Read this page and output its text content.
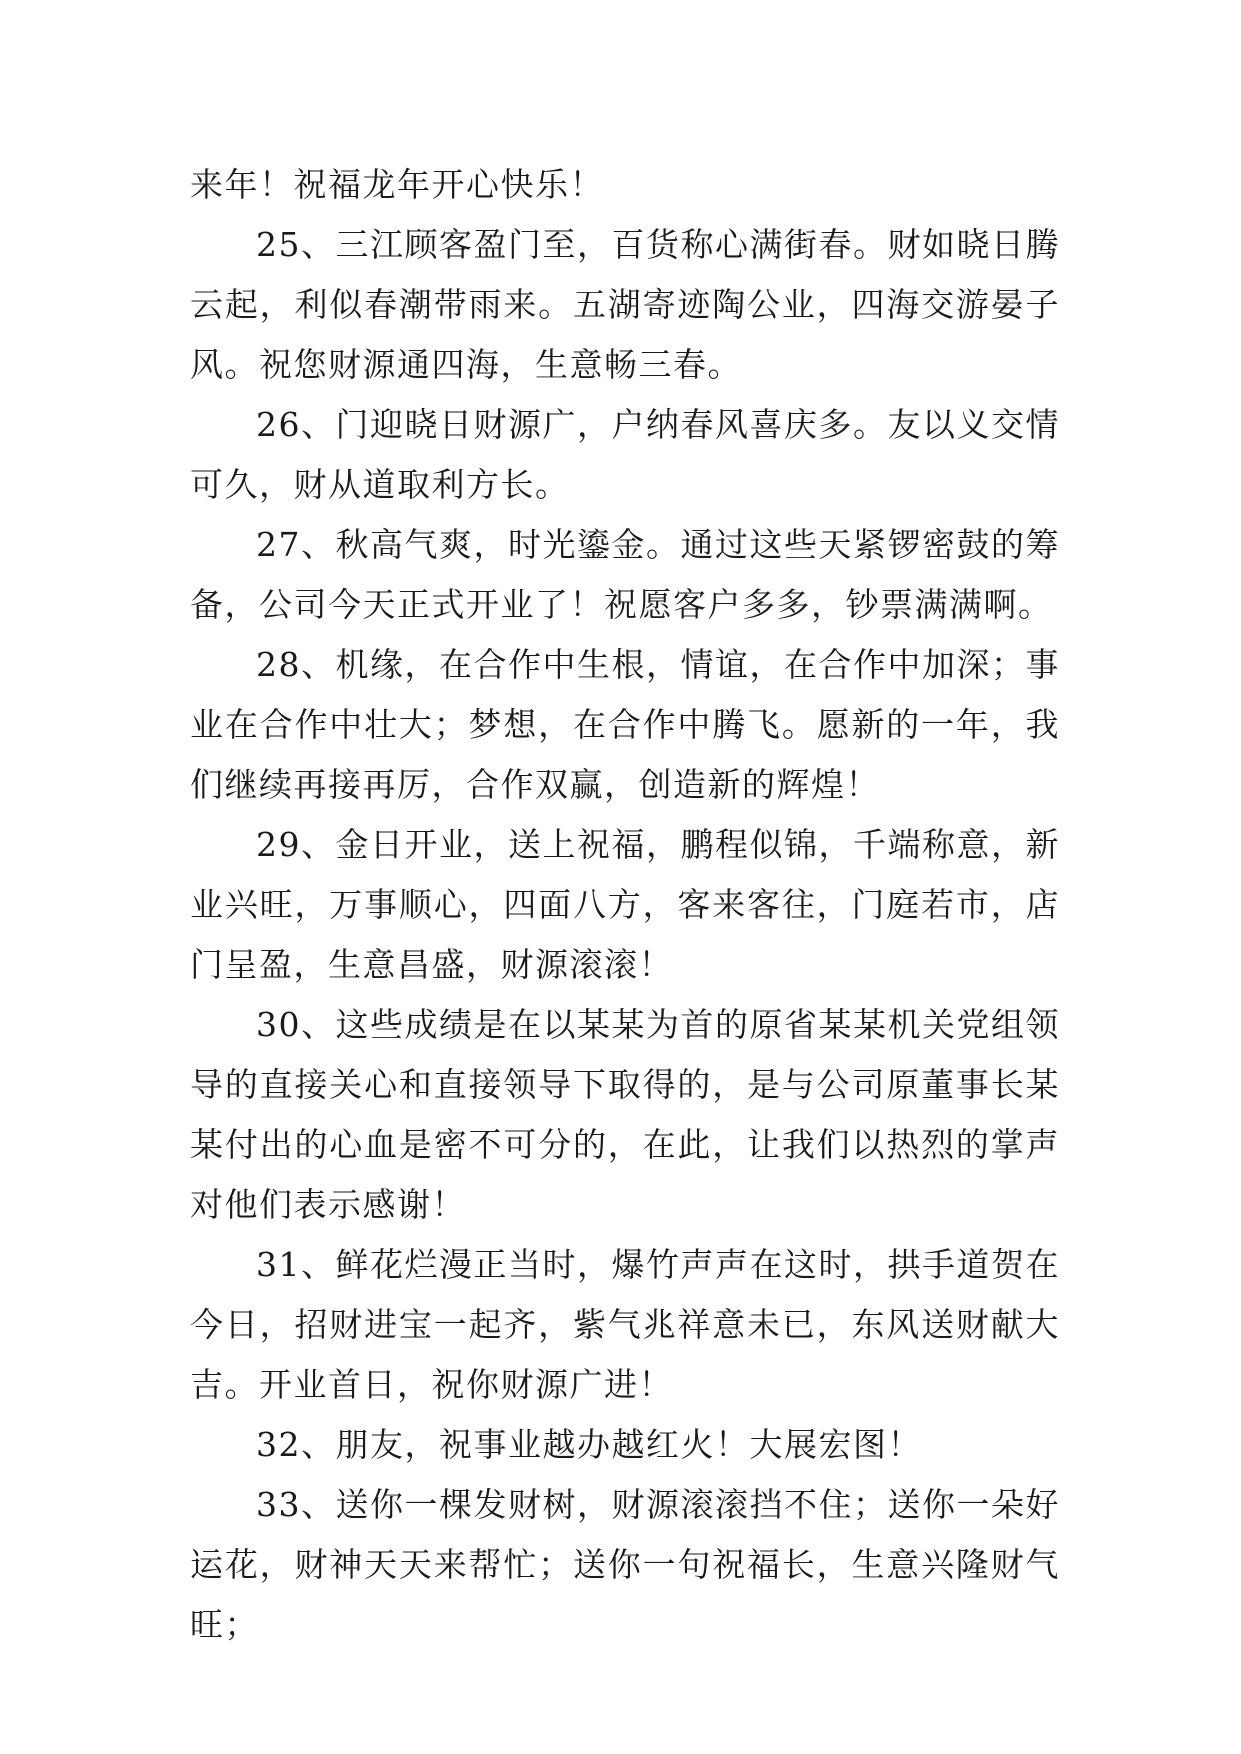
来年！祝福龙年开心快乐！

25、三江顾客盈门至，百货称心满街春。财如晓日腾云起，利似春潮带雨来。五湖寄迹陶公业，四海交游晏子风。祝您财源通四海，生意畅三春。

26、门迎晓日财源广，户纳春风喜庆多。友以义交情可久，财从道取利方长。

27、秋高气爽，时光鎏金。通过这些天紧锣密鼓的筹备，公司今天正式开业了！祝愿客户多多，钞票满满啊。

28、机缘，在合作中生根，情谊，在合作中加深；事业在合作中壮大；梦想，在合作中腾飞。愿新的一年，我们继续再接再厉，合作双赢，创造新的辉煌！

29、金日开业，送上祝福，鹏程似锦，千端称意，新业兴旺，万事顺心，四面八方，客来客往，门庭若市，店门呈盈，生意昌盛，财源滚滚！

30、这些成绩是在以某某为首的原省某某机关党组领导的直接关心和直接领导下取得的，是与公司原董事长某某付出的心血是密不可分的，在此，让我们以热烈的掌声对他们表示感谢！

31、鲜花烂漫正当时，爆竹声声在这时，拱手道贺在今日，招财进宝一起齐，紫气兆祥意未已，东风送财献大吉。开业首日，祝你财源广进！

32、朋友，祝事业越办越红火！大展宏图！

33、送你一棵发财树，财源滚滚挡不住；送你一朵好运花，财神天天来帮忙；送你一句祝福长，生意兴隆财气旺；
